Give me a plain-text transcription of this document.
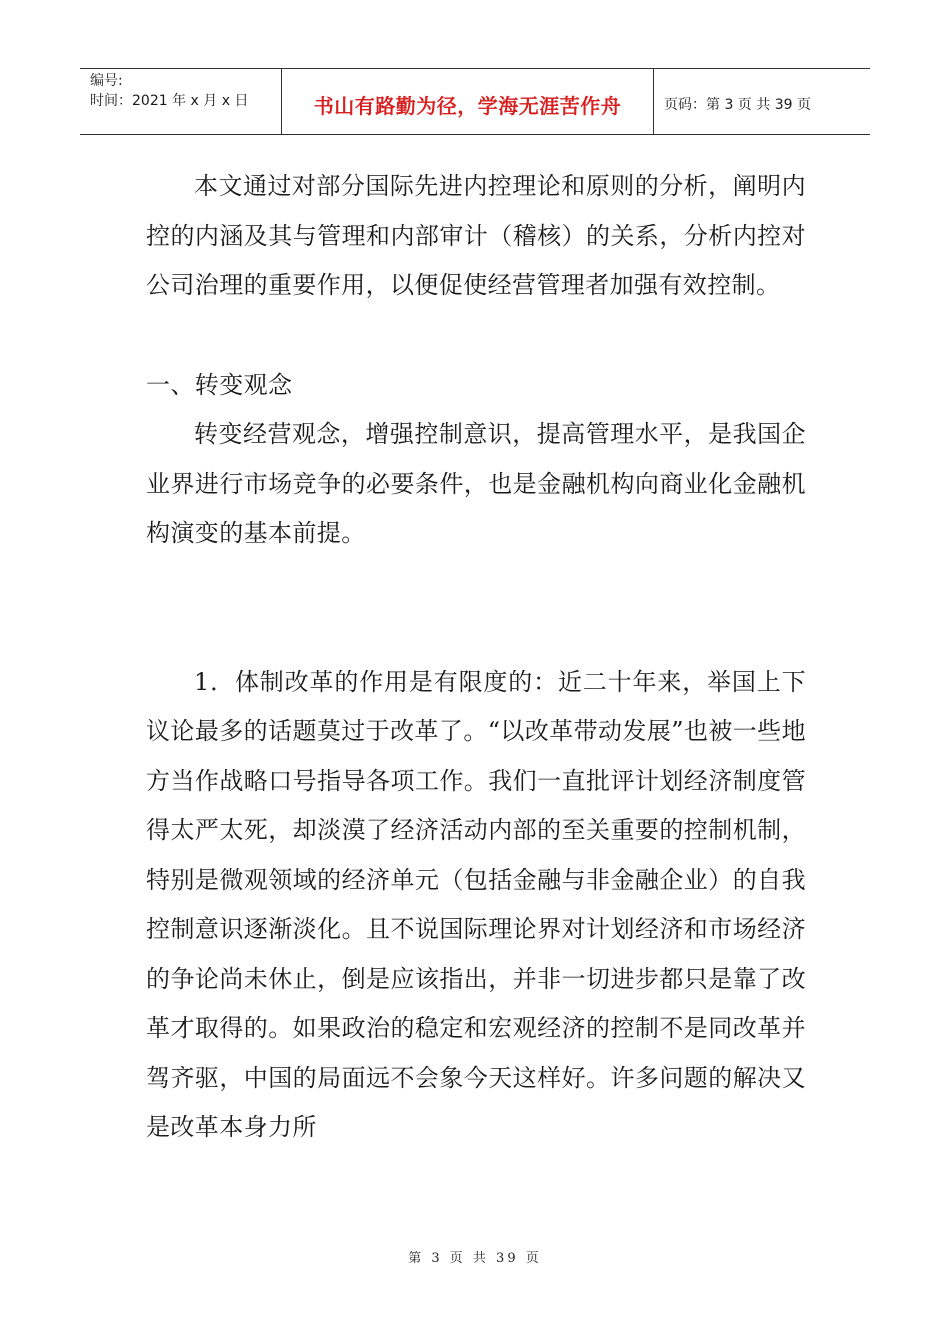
编号:
时间：2021 年 x 月 x 日	书山有路勤为径，学海无涯苦作舟	页码：第 3 页 共 39 页

本文通过对部分国际先进内控理论和原则的分析，阐明内控的内涵及其与管理和内部审计（稽核）的关系，分析内控对公司治理的重要作用，以便促使经营管理者加强有效控制。

一、转变观念

转变经营观念，增强控制意识，提高管理水平，是我国企业界进行市场竞争的必要条件，也是金融机构向商业化金融机构演变的基本前提。

1．体制改革的作用是有限度的：近二十年来，举国上下议论最多的话题莫过于改革了。“以改革带动发展”也被一些地方当作战略口号指导各项工作。我们一直批评计划经济制度管得太严太死，却淡漠了经济活动内部的至关重要的控制机制，特别是微观领域的经济单元（包括金融与非金融企业）的自我控制意识逐渐淡化。且不说国际理论界对计划经济和市场经济的争论尚未休止，倒是应该指出，并非一切进步都只是靠了改革才取得的。如果政治的稳定和宏观经济的控制不是同改革并驾齐驱，中国的局面远不会象今天这样好。许多问题的解决又是改革本身力所

第 3 页 共 39 页
